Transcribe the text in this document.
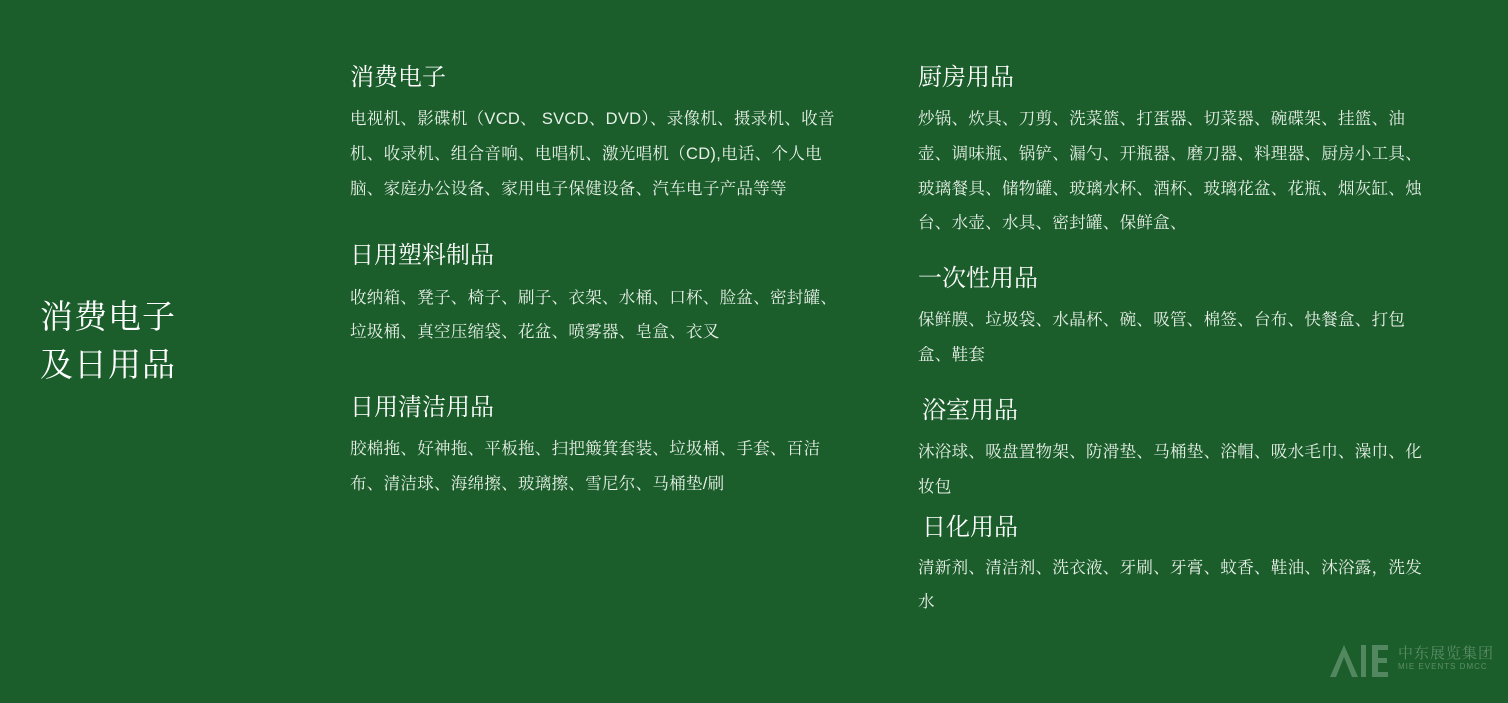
消费电子
及日用品
消费电子

电视机、影碟机（VCD、 SVCD、DVD）、录像机、摄录机、收音机、收录机、组合音响、电唱机、激光唱机（CD),电话、个人电脑、家庭办公设备、家用电子保健设备、汽车电子产品等等

日用塑料制品

收纳箱、凳子、椅子、刷子、衣架、水桶、口杯、脸盆、密封罐、垃圾桶、真空压缩袋、花盆、喷雾器、皂盒、衣叉

日用清洁用品

胶棉拖、好神拖、平板拖、扫把簸箕套装、垃圾桶、手套、百洁布、清洁球、海绵擦、玻璃擦、雪尼尔、马桶垫/刷

厨房用品

炒锅、炊具、刀剪、洗菜篮、打蛋器、切菜器、碗碟架、挂篮、油壶、调味瓶、锅铲、漏勺、开瓶器、磨刀器、料理器、厨房小工具、玻璃餐具、储物罐、玻璃水杯、酒杯、玻璃花盆、花瓶、烟灰缸、烛台、水壶、水具、密封罐、保鲜盒、

一次性用品

保鲜膜、垃圾袋、水晶杯、碗、吸管、棉签、台布、快餐盒、打包盒、鞋套

浴室用品

沐浴球、吸盘置物架、防滑垫、马桶垫、浴帽、吸水毛巾、澡巾、化妆包

日化用品

清新剂、清洁剂、洗衣液、牙刷、牙膏、蚊香、鞋油、沐浴露，洗发水

中东展览集团
MIE EVENTS DMCC
